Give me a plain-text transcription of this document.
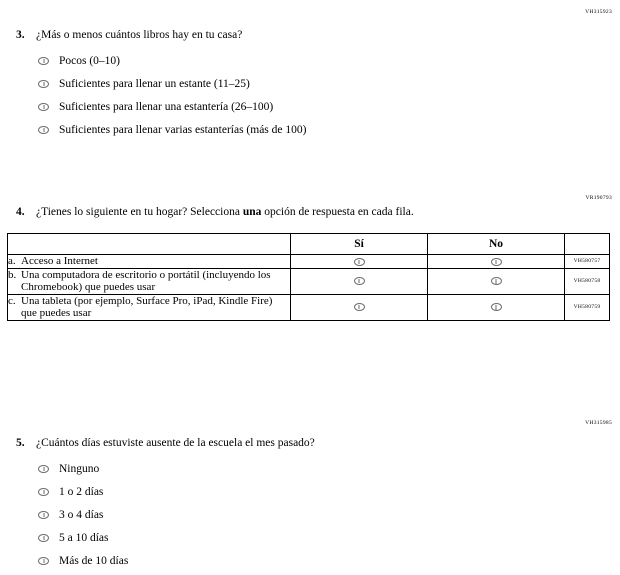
VH315923
3. ¿Más o menos cuántos libros hay en tu casa?
Pocos (0–10)
Suficientes para llenar un estante (11–25)
Suficientes para llenar una estantería (26–100)
Suficientes para llenar varias estanterías (más de 100)
VR190793
4. ¿Tienes lo siguiente en tu hogar? Selecciona una opción de respuesta en cada fila.
	Sí	No	

a. Acceso a Internet			VH580757

b. Una computadora de escritorio o portátil (incluyendo los Chromebook) que puedes usar			VH580758

c. Una tableta (por ejemplo, Surface Pro, iPad, Kindle Fire) que puedes usar			VH580759
VH315985
5. ¿Cuántos días estuviste ausente de la escuela el mes pasado?
Ninguno
1 o 2 días
3 o 4 días
5 a 10 días
Más de 10 días
